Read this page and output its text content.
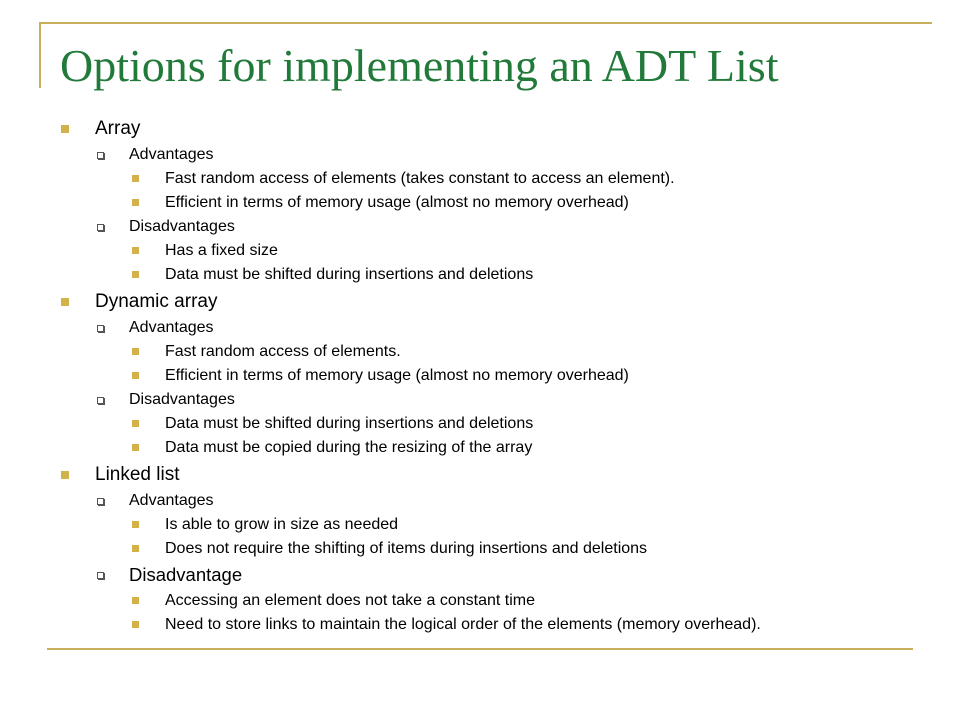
Options for implementing an ADT List
Array
Advantages
Fast random access of elements (takes constant to access an element).
Efficient in terms of memory usage (almost no memory overhead)
Disadvantages
Has a fixed size
Data must be shifted during insertions and deletions
Dynamic array
Advantages
Fast random access of elements.
Efficient in terms of memory usage (almost no memory overhead)
Disadvantages
Data must be shifted during insertions and deletions
Data must be copied during the resizing of the array
Linked list
Advantages
Is able to grow in size as needed
Does not require the shifting of items during insertions and deletions
Disadvantage
Accessing an element does not take a constant time
Need to store links to maintain the logical order of the elements (memory overhead).
